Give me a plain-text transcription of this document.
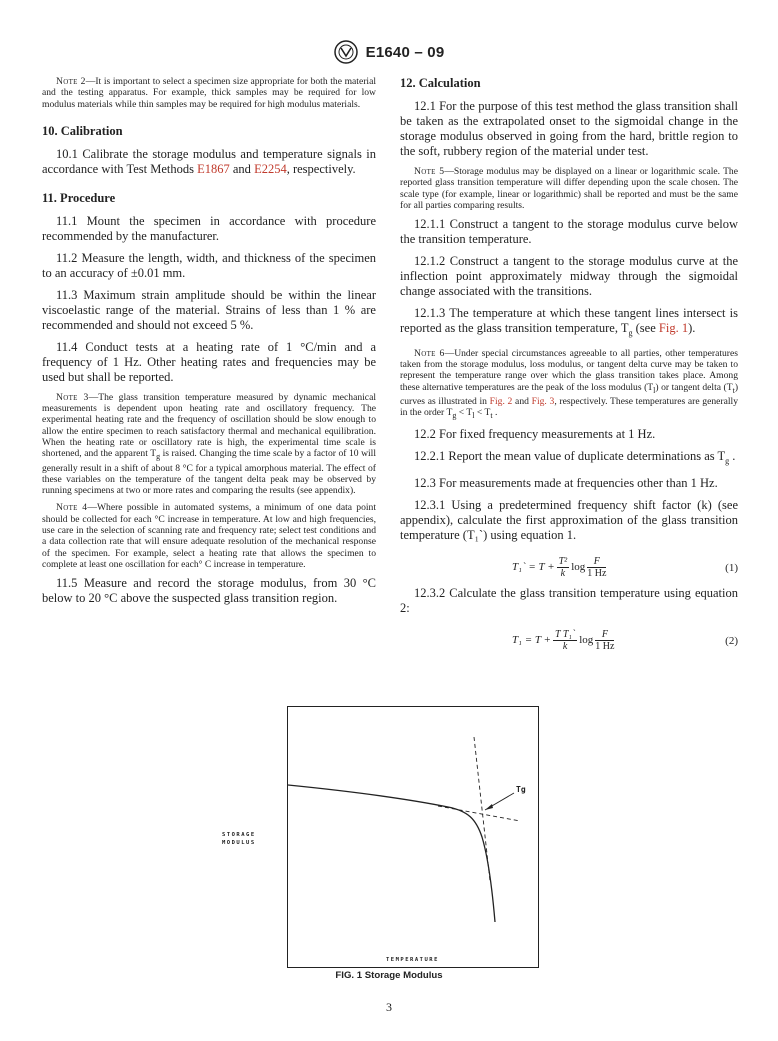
E1640 – 09

Note 2—It is important to select a specimen size appropriate for both the material and the testing apparatus. For example, thick samples may be required for low modulus materials while thin samples may be required for high modulus materials.

10. Calibration

10.1 Calibrate the storage modulus and temperature signals in accordance with Test Methods E1867 and E2254, respectively.

11. Procedure

11.1 Mount the specimen in accordance with procedure recommended by the manufacturer.

11.2 Measure the length, width, and thickness of the specimen to an accuracy of ±0.01 mm.

11.3 Maximum strain amplitude should be within the linear viscoelastic range of the material. Strains of less than 1 % are recommended and should not exceed 5 %.

11.4 Conduct tests at a heating rate of 1 °C/min and a frequency of 1 Hz. Other heating rates and frequencies may be used but shall be reported.

Note 3—The glass transition temperature measured by dynamic mechanical measurements is dependent upon heating rate and oscillatory frequency. The experimental heating rate and the frequency of oscillation should be slow enough to allow the entire specimen to reach satisfactory thermal and mechanical equilibration. When the heating rate or oscillatory rate is high, the experimental time scale is shortened, and the apparent $T_g$ is raised. Changing the time scale by a factor of 10 will generally result in a shift of about 8 °C for a typical amorphous material. The effect of these variables on the temperature of the tangent delta peak may be observed by running specimens at two or more rates and comparing the results (see appendix).

Note 4—Where possible in automated systems, a minimum of one data point should be collected for each °C increase in temperature. At low and high frequencies, use care in the selection of scanning rate and frequency rate; select test conditions and a data collection rate that will ensure adequate resolution of the mechanical response of the specimen. For example, select a heating rate that allows the specimen to complete at least one oscillation for each° C increase in temperature.

11.5 Measure and record the storage modulus, from 30 °C below to 20 °C above the suspected glass transition region.

12. Calculation

12.1 For the purpose of this test method the glass transition shall be taken as the extrapolated onset to the sigmoidal change in the storage modulus observed in going from the hard, brittle region to the soft, rubbery region of the material under test.

Note 5—Storage modulus may be displayed on a linear or logarithmic scale. The reported glass transition temperature will differ depending upon the scale chosen. The scale type (for example, linear or logarithmic) shall be reported and must be the same for all parties comparing results.

12.1.1 Construct a tangent to the storage modulus curve below the transition temperature.

12.1.2 Construct a tangent to the storage modulus curve at the inflection point approximately midway through the sigmoidal change associated with the transitions.

12.1.3 The temperature at which these tangent lines intersect is reported as the glass transition temperature, $T_g$ (see Fig. 1).

Note 6—Under special circumstances agreeable to all parties, other temperatures taken from the storage modulus, loss modulus, or tangent delta curve may be taken to represent the temperature range over which the glass transition takes place. Among these alternative temperatures are the peak of the loss modulus $(T_l)$ or tangent delta $(T_t)$ curves as illustrated in Fig. 2 and Fig. 3, respectively. These temperatures are generally in the order $T_g < T_l < T_t$ .

12.2 For fixed frequency measurements at 1 Hz.

12.2.1 Report the mean value of duplicate determinations as $T_g$ .

12.3 For measurements made at frequencies other than 1 Hz.

12.3.1 Using a predetermined frequency shift factor (k) (see appendix), calculate the first approximation of the glass transition temperature (T₁`) using equation 1.

T₁` = $T + \frac{\text{T²}}{k}$ $\log \frac{F}{1 Hz}$	(1)

12.3.2 Calculate the glass transition temperature using equation 2:

$T_1 = T + \frac{\text{T T₁`}}{k}$ $\log \frac{F}{1 Hz}$	(2)
STORAGE
MODULUS
Tg
TEMPERATURE
FIG. 1 Storage Modulus
3
